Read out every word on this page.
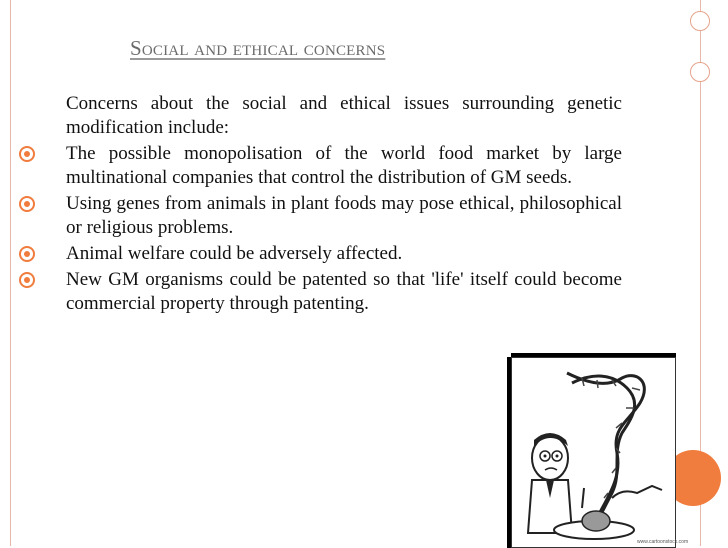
Social and ethical concerns

Concerns about the social and ethical issues surrounding genetic modification include:

The possible monopolisation of the world food market by large multinational companies that control the distribution of GM seeds.
Using genes from animals in plant foods may pose ethical, philosophical or religious problems.
Animal welfare could be adversely affected.
New GM organisms could be patented so that 'life' itself could become commercial property through patenting.
www.cartoonstock.com
